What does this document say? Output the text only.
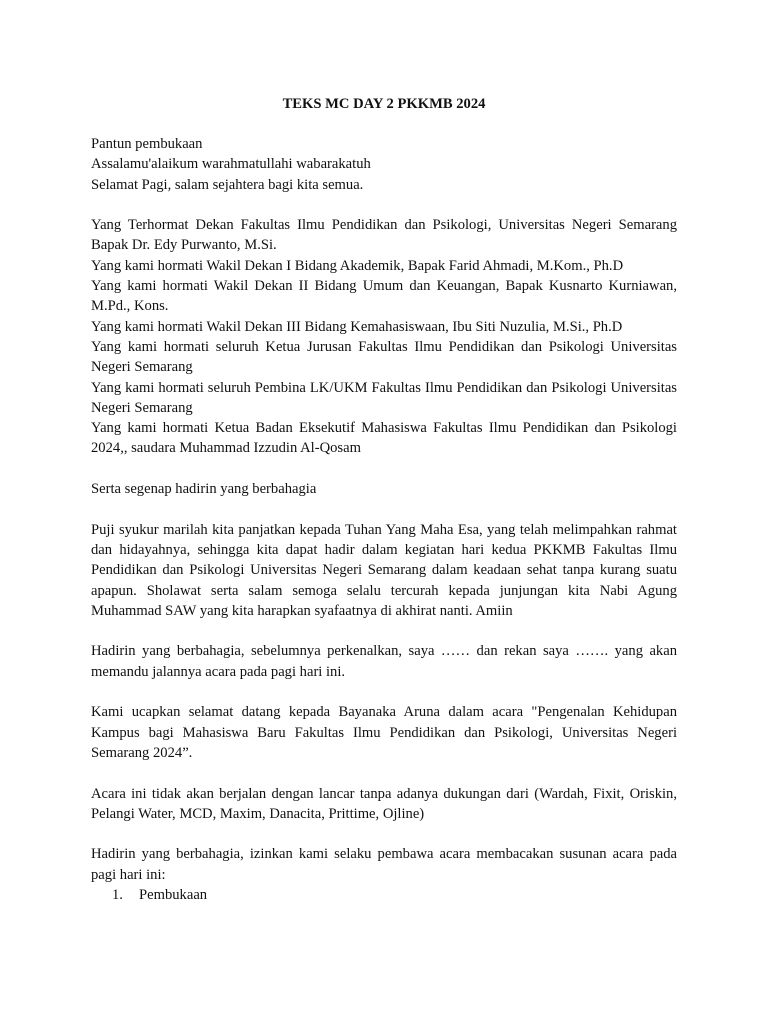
TEKS MC DAY 2 PKKMB 2024

Pantun pembukaan

Assalamu'alaikum warahmatullahi wabarakatuh

Selamat Pagi, salam sejahtera bagi kita semua.

Yang Terhormat Dekan Fakultas Ilmu Pendidikan dan Psikologi, Universitas Negeri Semarang Bapak Dr. Edy Purwanto, M.Si.

Yang kami hormati Wakil Dekan I Bidang Akademik, Bapak Farid Ahmadi, M.Kom., Ph.D

Yang kami hormati Wakil Dekan II Bidang Umum dan Keuangan, Bapak Kusnarto Kurniawan, M.Pd., Kons.

Yang kami hormati Wakil Dekan III Bidang Kemahasiswaan, Ibu Siti Nuzulia, M.Si., Ph.D

Yang kami hormati seluruh Ketua Jurusan Fakultas Ilmu Pendidikan dan Psikologi Universitas Negeri Semarang

Yang kami hormati seluruh Pembina LK/UKM Fakultas Ilmu Pendidikan dan Psikologi Universitas Negeri Semarang

Yang kami hormati Ketua Badan Eksekutif Mahasiswa Fakultas Ilmu Pendidikan dan Psikologi 2024,, saudara Muhammad Izzudin Al-Qosam

Serta segenap hadirin yang berbahagia

Puji syukur marilah kita panjatkan kepada Tuhan Yang Maha Esa, yang telah melimpahkan rahmat dan hidayahnya, sehingga kita dapat hadir dalam kegiatan hari kedua PKKMB Fakultas Ilmu Pendidikan dan Psikologi Universitas Negeri Semarang dalam keadaan sehat tanpa kurang suatu apapun. Sholawat serta salam semoga selalu tercurah kepada junjungan kita Nabi Agung Muhammad SAW yang kita harapkan syafaatnya di akhirat nanti. Amiin

Hadirin yang berbahagia, sebelumnya perkenalkan, saya …… dan rekan saya ……. yang akan memandu jalannya acara pada pagi hari ini.

Kami ucapkan selamat datang kepada Bayanaka Aruna dalam acara "Pengenalan Kehidupan Kampus bagi Mahasiswa Baru Fakultas Ilmu Pendidikan dan Psikologi, Universitas Negeri Semarang 2024”.

Acara ini tidak akan berjalan dengan lancar tanpa adanya dukungan dari (Wardah, Fixit, Oriskin, Pelangi Water, MCD, Maxim, Danacita, Prittime, Ojline)

Hadirin yang berbahagia, izinkan kami selaku pembawa acara membacakan susunan acara pada pagi hari ini:

1.	Pembukaan
